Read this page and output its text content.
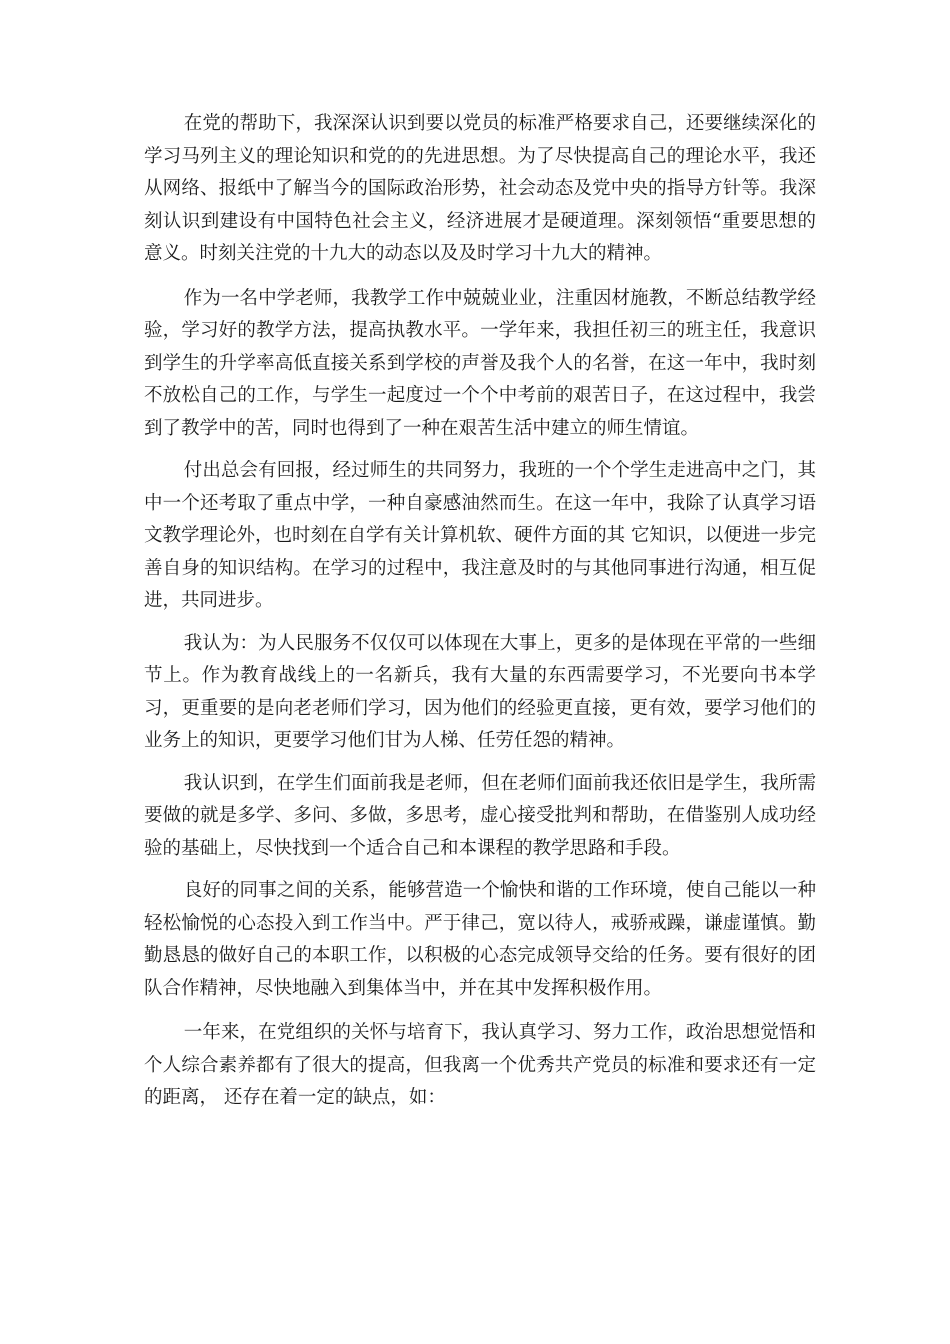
在党的帮助下，我深深认识到要以党员的标准严格要求自己，还要继续深化的学习马列主义的理论知识和党的的先进思想。为了尽快提高自己的理论水平，我还从网络、报纸中了解当今的国际政治形势，社会动态及党中央的指导方针等。我深刻认识到建设有中国特色社会主义，经济进展才是硬道理。深刻领悟“重要思想的意义。时刻关注党的十九大的动态以及及时学习十九大的精神。

作为一名中学老师，我教学工作中兢兢业业，注重因材施教，不断总结教学经验，学习好的教学方法，提高执教水平。一学年来，我担任初三的班主任，我意识到学生的升学率高低直接关系到学校的声誉及我个人的名誉，在这一年中，我时刻不放松自己的工作，与学生一起度过一个个中考前的艰苦日子，在这过程中，我尝到了教学中的苦，同时也得到了一种在艰苦生活中建立的师生情谊。

付出总会有回报，经过师生的共同努力，我班的一个个学生走进高中之门，其中一个还考取了重点中学，一种自豪感油然而生。在这一年中，我除了认真学习语文教学理论外，也时刻在自学有关计算机软、硬件方面的其 它知识，以便进一步完善自身的知识结构。在学习的过程中，我注意及时的与其他同事进行沟通，相互促进，共同进步。

我认为：为人民服务不仅仅可以体现在大事上，更多的是体现在平常的一些细节上。作为教育战线上的一名新兵，我有大量的东西需要学习，不光要向书本学习，更重要的是向老老师们学习，因为他们的经验更直接，更有效，要学习他们的业务上的知识，更要学习他们甘为人梯、任劳任怨的精神。

我认识到，在学生们面前我是老师，但在老师们面前我还依旧是学生，我所需要做的就是多学、多问、多做，多思考，虚心接受批判和帮助，在借鉴别人成功经验的基础上，尽快找到一个适合自己和本课程的教学思路和手段。

良好的同事之间的关系，能够营造一个愉快和谐的工作环境，使自己能以一种轻松愉悦的心态投入到工作当中。严于律己，宽以待人，戒骄戒躁，谦虚谨慎。勤勤恳恳的做好自己的本职工作，以积极的心态完成领导交给的任务。要有很好的团队合作精神，尽快地融入到集体当中，并在其中发挥积极作用。

一年来，在党组织的关怀与培育下，我认真学习、努力工作，政治思想觉悟和个人综合素养都有了很大的提高，但我离一个优秀共产党员的标准和要求还有一定的距离， 还存在着一定的缺点，如：
